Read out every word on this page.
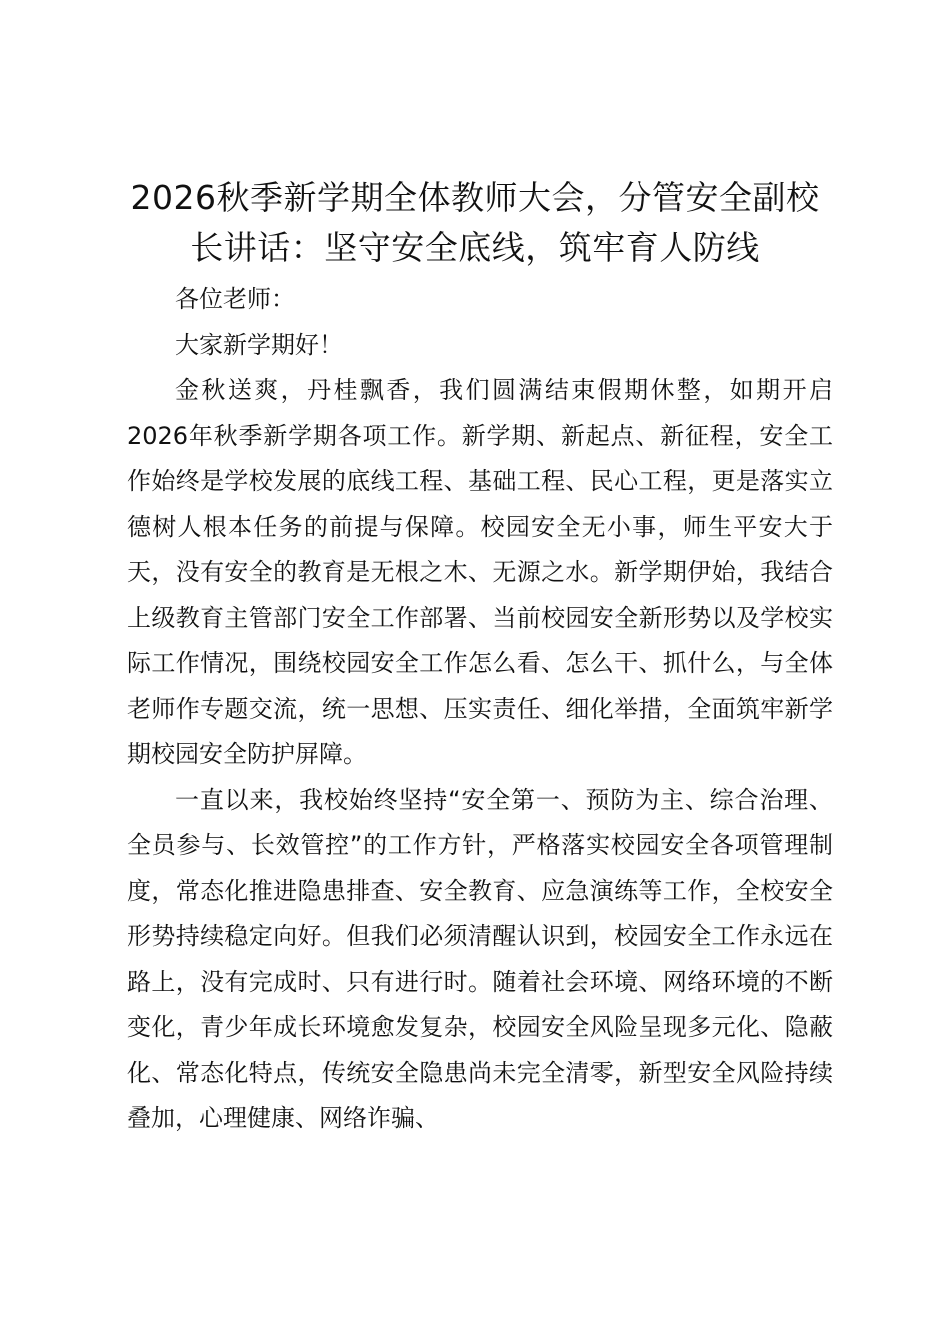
2026秋季新学期全体教师大会，分管安全副校长讲话：坚守安全底线，筑牢育人防线

各位老师：

大家新学期好！

金秋送爽，丹桂飘香，我们圆满结束假期休整，如期开启2026年秋季新学期各项工作。新学期、新起点、新征程，安全工作始终是学校发展的底线工程、基础工程、民心工程，更是落实立德树人根本任务的前提与保障。校园安全无小事，师生平安大于天，没有安全的教育是无根之木、无源之水。新学期伊始，我结合上级教育主管部门安全工作部署、当前校园安全新形势以及学校实际工作情况，围绕校园安全工作怎么看、怎么干、抓什么，与全体老师作专题交流，统一思想、压实责任、细化举措，全面筑牢新学期校园安全防护屏障。

一直以来，我校始终坚持“安全第一、预防为主、综合治理、全员参与、长效管控”的工作方针，严格落实校园安全各项管理制度，常态化推进隐患排查、安全教育、应急演练等工作，全校安全形势持续稳定向好。但我们必须清醒认识到，校园安全工作永远在路上，没有完成时、只有进行时。随着社会环境、网络环境的不断变化，青少年成长环境愈发复杂，校园安全风险呈现多元化、隐蔽化、常态化特点，传统安全隐患尚未完全清零，新型安全风险持续叠加，心理健康、网络诈骗、
